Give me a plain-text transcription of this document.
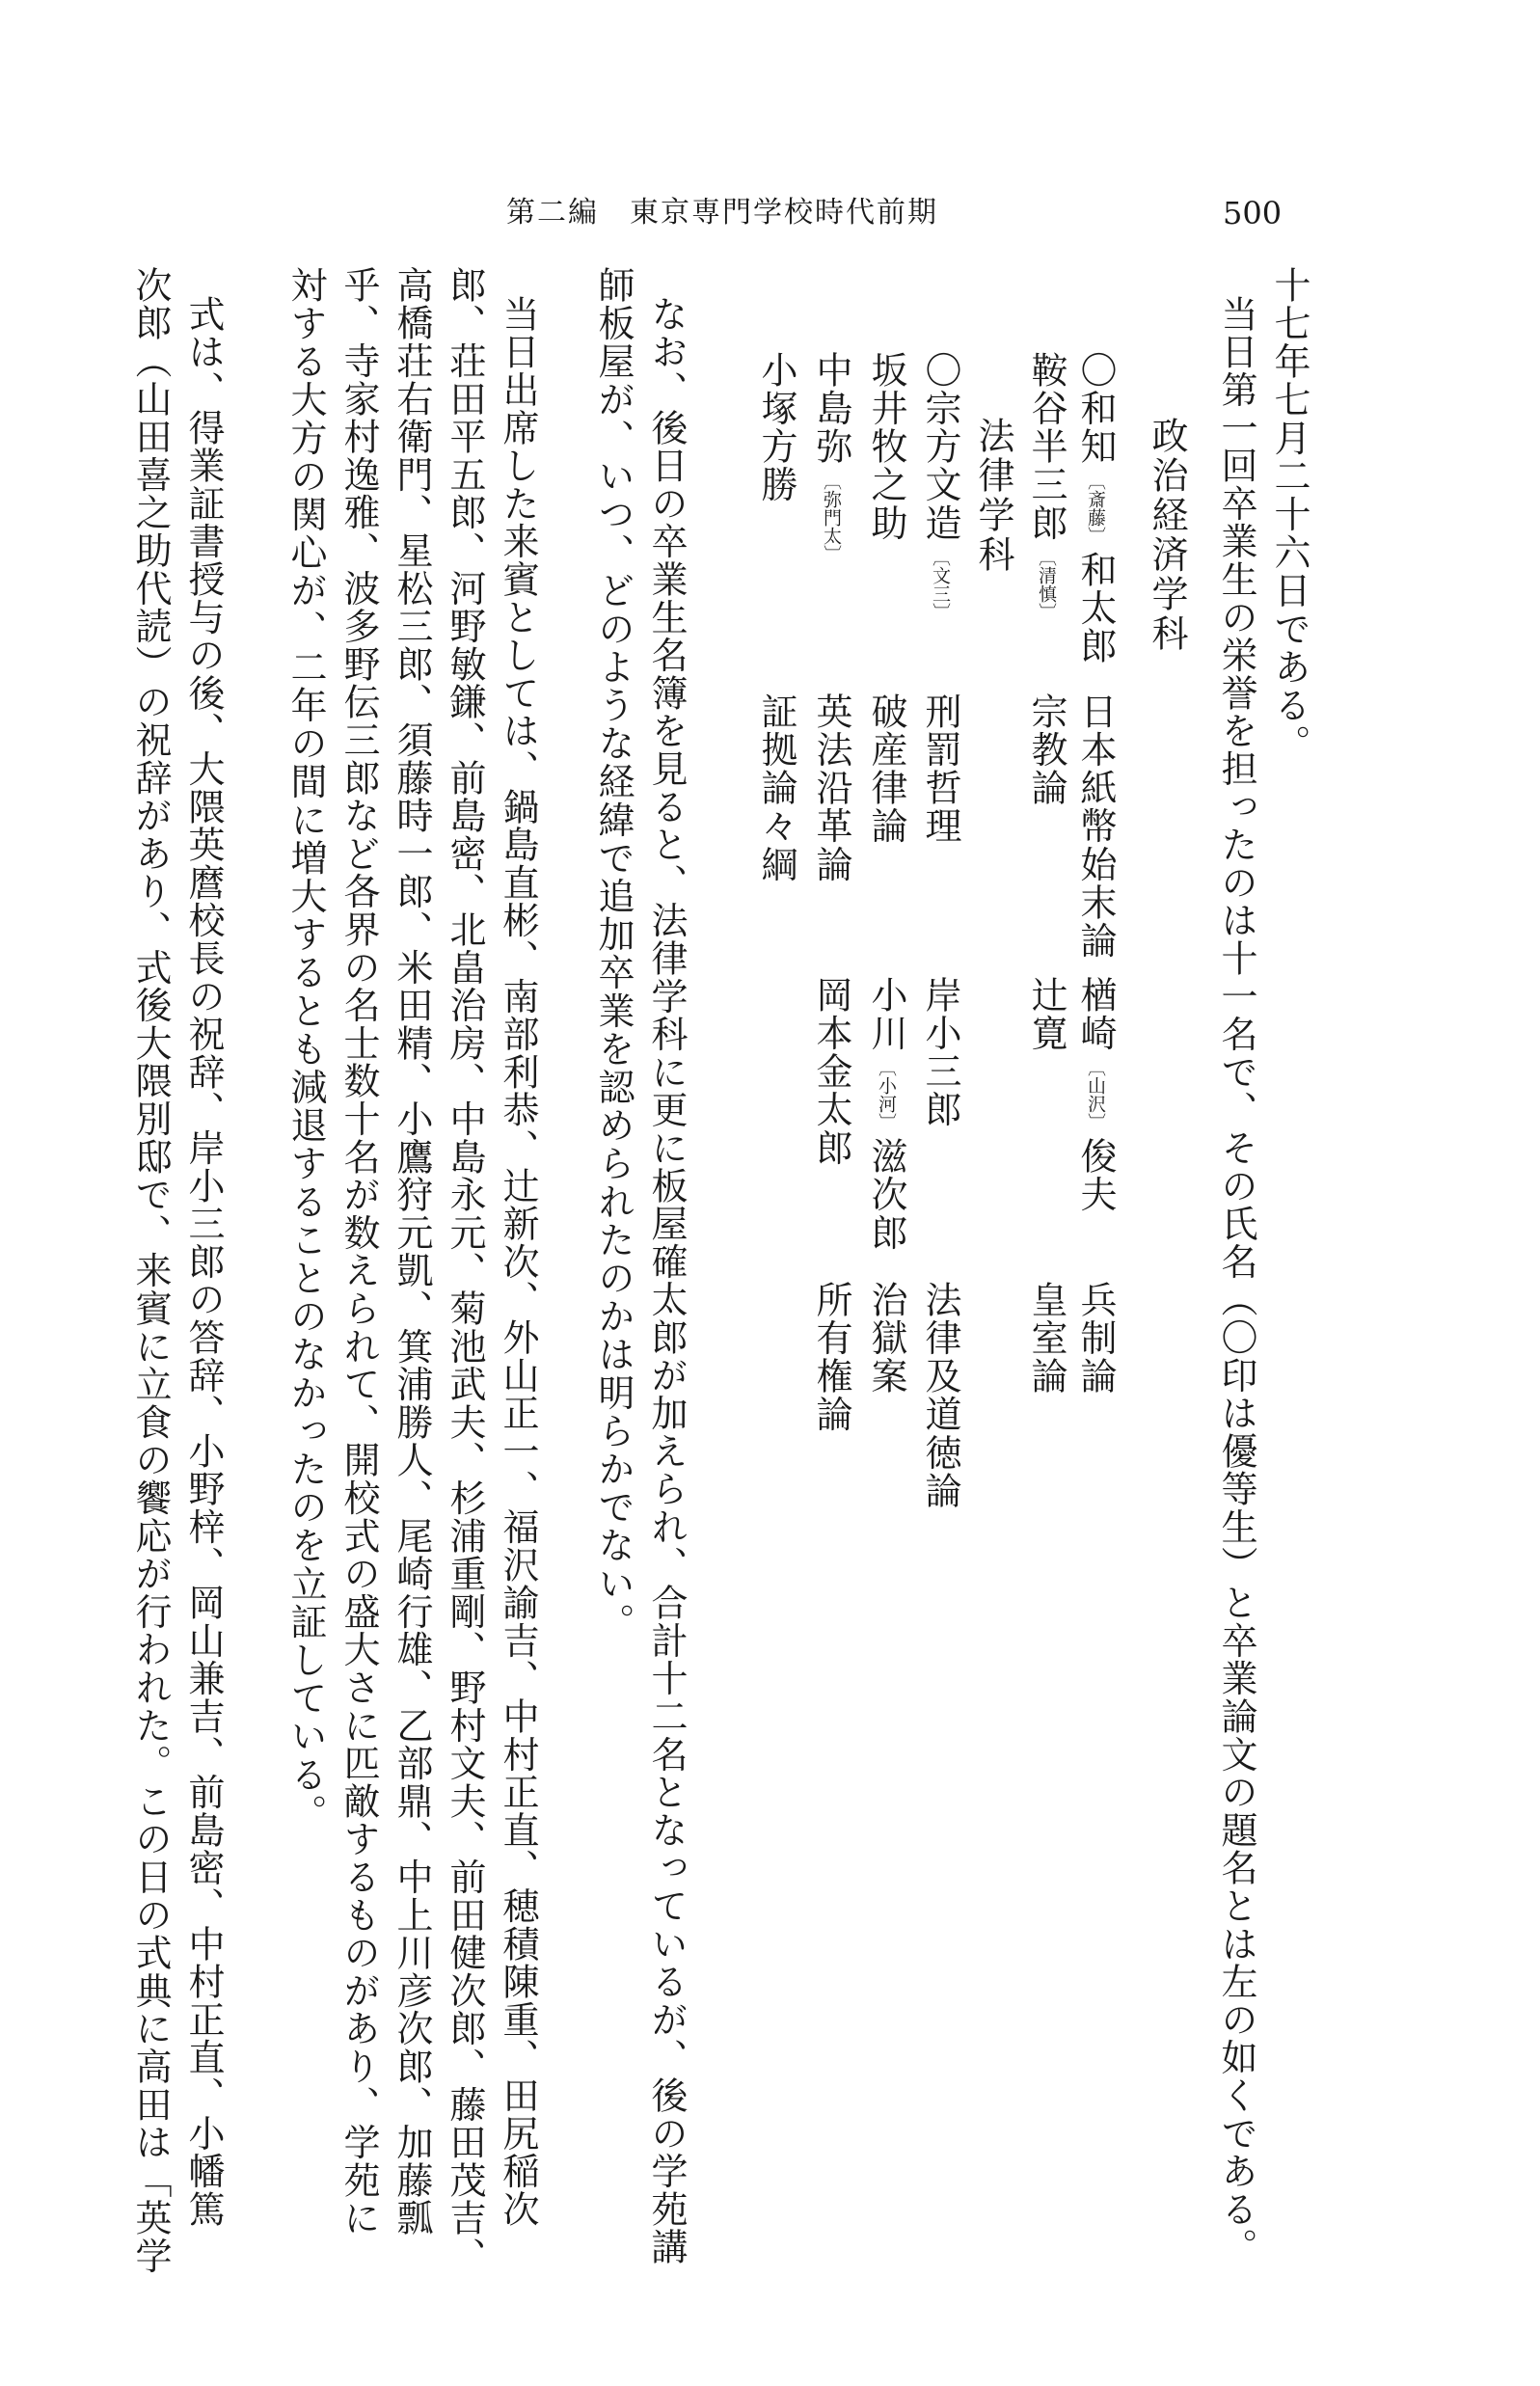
第二編　東京専門学校時代前期	500
十七年七月二十六日である。
当日第一回卒業生の栄誉を担ったのは十一名で、その氏名（〇印は優等生）と卒業論文の題名とは左の如くである。
政治経済学科
〇和知〔斎藤〕和太郎
日本紙幣始末論
鞍谷半三郎〔清慎〕
宗教論
楢崎〔山沢〕俊夫
兵制論
辻寛
皇室論
法律学科
〇宗方文造〔文三〕
刑罰哲理
坂井牧之助
破産律論
中島弥〔弥門太〕
英法沿革論
小塚方勝
証拠論々綱
岸小三郎
法律及道徳論
小川〔小河〕滋次郎
治獄案
岡本金太郎
所有権論
なお、後日の卒業生名簿を見ると、法律学科に更に板屋確太郎が加えられ、合計十二名となっているが、後の学苑講
師板屋が、いつ、どのような経緯で追加卒業を認められたのかは明らかでない。
当日出席した来賓としては、鍋島直彬、南部利恭、辻新次、外山正一、福沢諭吉、中村正直、穂積陳重、田尻稲次
郎、荘田平五郎、河野敏鎌、前島密、北畠治房、中島永元、菊池武夫、杉浦重剛、野村文夫、前田健次郎、藤田茂吉、
高橋荘右衛門、星松三郎、須藤時一郎、米田精、小鷹狩元凱、箕浦勝人、尾崎行雄、乙部鼎、中上川彦次郎、加藤瓢
乎、寺家村逸雅、波多野伝三郎など各界の名士数十名が数えられて、開校式の盛大さに匹敵するものがあり、学苑に
対する大方の関心が、二年の間に増大するとも減退することのなかったのを立証している。
式は、得業証書授与の後、大隈英麿校長の祝辞、岸小三郎の答辞、小野梓、岡山兼吉、前島密、中村正直、小幡篤
次郎（山田喜之助代読）の祝辞があり、式後大隈別邸で、来賓に立食の饗応が行われた。この日の式典に高田は「英学
